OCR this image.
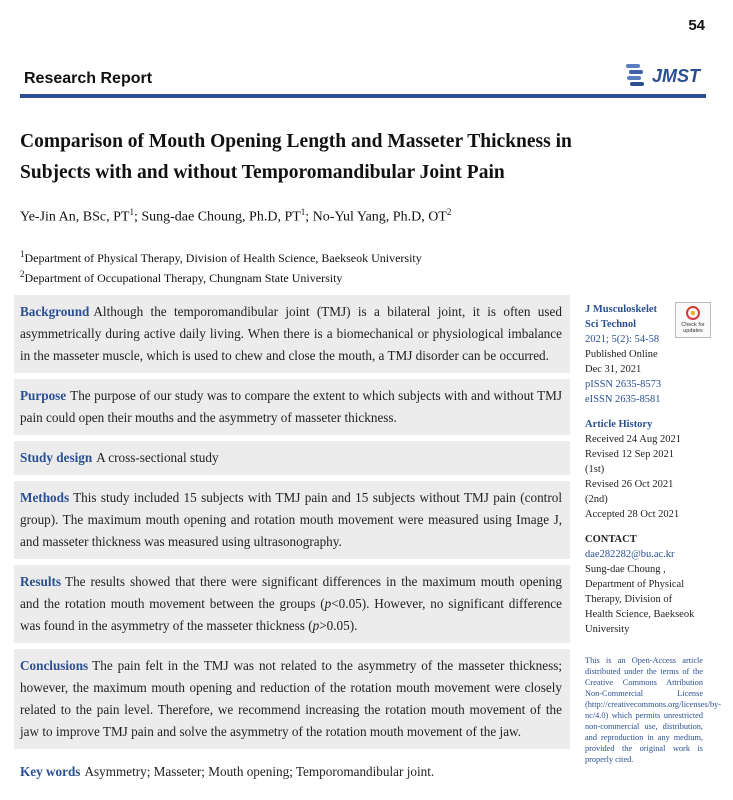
54
Research Report	JMST
Comparison of Mouth Opening Length and Masseter Thickness in Subjects with and without Temporomandibular Joint Pain
Ye-Jin An, BSc, $PT^1$; Sung-dae Choung, Ph.D, $PT^1$; No-Yul Yang, Ph.D, $OT^2$
$^1$Department of Physical Therapy, Division of Health Science, Baekseok University
$^2$Department of Occupational Therapy, Chungnam State University
Background Although the temporomandibular joint (TMJ) is a bilateral joint, it is often used asymmetrically during active daily living. When there is a biomechanical or physiological imbalance in the masseter muscle, which is used to chew and close the mouth, a TMJ disorder can be occurred.
Purpose The purpose of our study was to compare the extent to which subjects with and without TMJ pain could open their mouths and the asymmetry of masseter thickness.
Study design A cross-sectional study
Methods This study included 15 subjects with TMJ pain and 15 subjects without TMJ pain (control group). The maximum mouth opening and rotation mouth movement were measured using Image J, and masseter thickness was measured using ultrasonography.
Results The results showed that there were significant differences in the maximum mouth opening and the rotation mouth movement between the groups (p<0.05). However, no significant difference was found in the asymmetry of the masseter thickness (p>0.05).
Conclusions The pain felt in the TMJ was not related to the asymmetry of the masseter thickness; however, the maximum mouth opening and reduction of the rotation mouth movement were closely related to the pain level. Therefore, we recommend increasing the rotation mouth movement of the jaw to improve TMJ pain and solve the asymmetry of the rotation mouth movement of the jaw.
Key words Asymmetry; Masseter; Mouth opening; Temporomandibular joint.
Check for updates
J Musculoskelet
Sci Technol
2021; 5(2): 54-58
Published Online
Dec 31, 2021
pISSN 2635-8573
eISSN 2635-8581
Article History
Received 24 Aug 2021
Revised 12 Sep 2021
(1st)
Revised 26 Oct 2021
(2nd)
Accepted 28 Oct 2021
CONTACT
dae282282@bu.ac.kr
Sung-dae Choung ,
Department of Physical
Therapy, Division of
Health Science, Baekseok
University
This is an Open-Access article distributed under the terms of the Creative Commons Attribution Non-Commercial License (http://creativecommons.org/licenses/by-nc/4.0) which permits unrestricted non-commercial use, distribution, and reproduction in any medium, provided the original work is properly cited.
